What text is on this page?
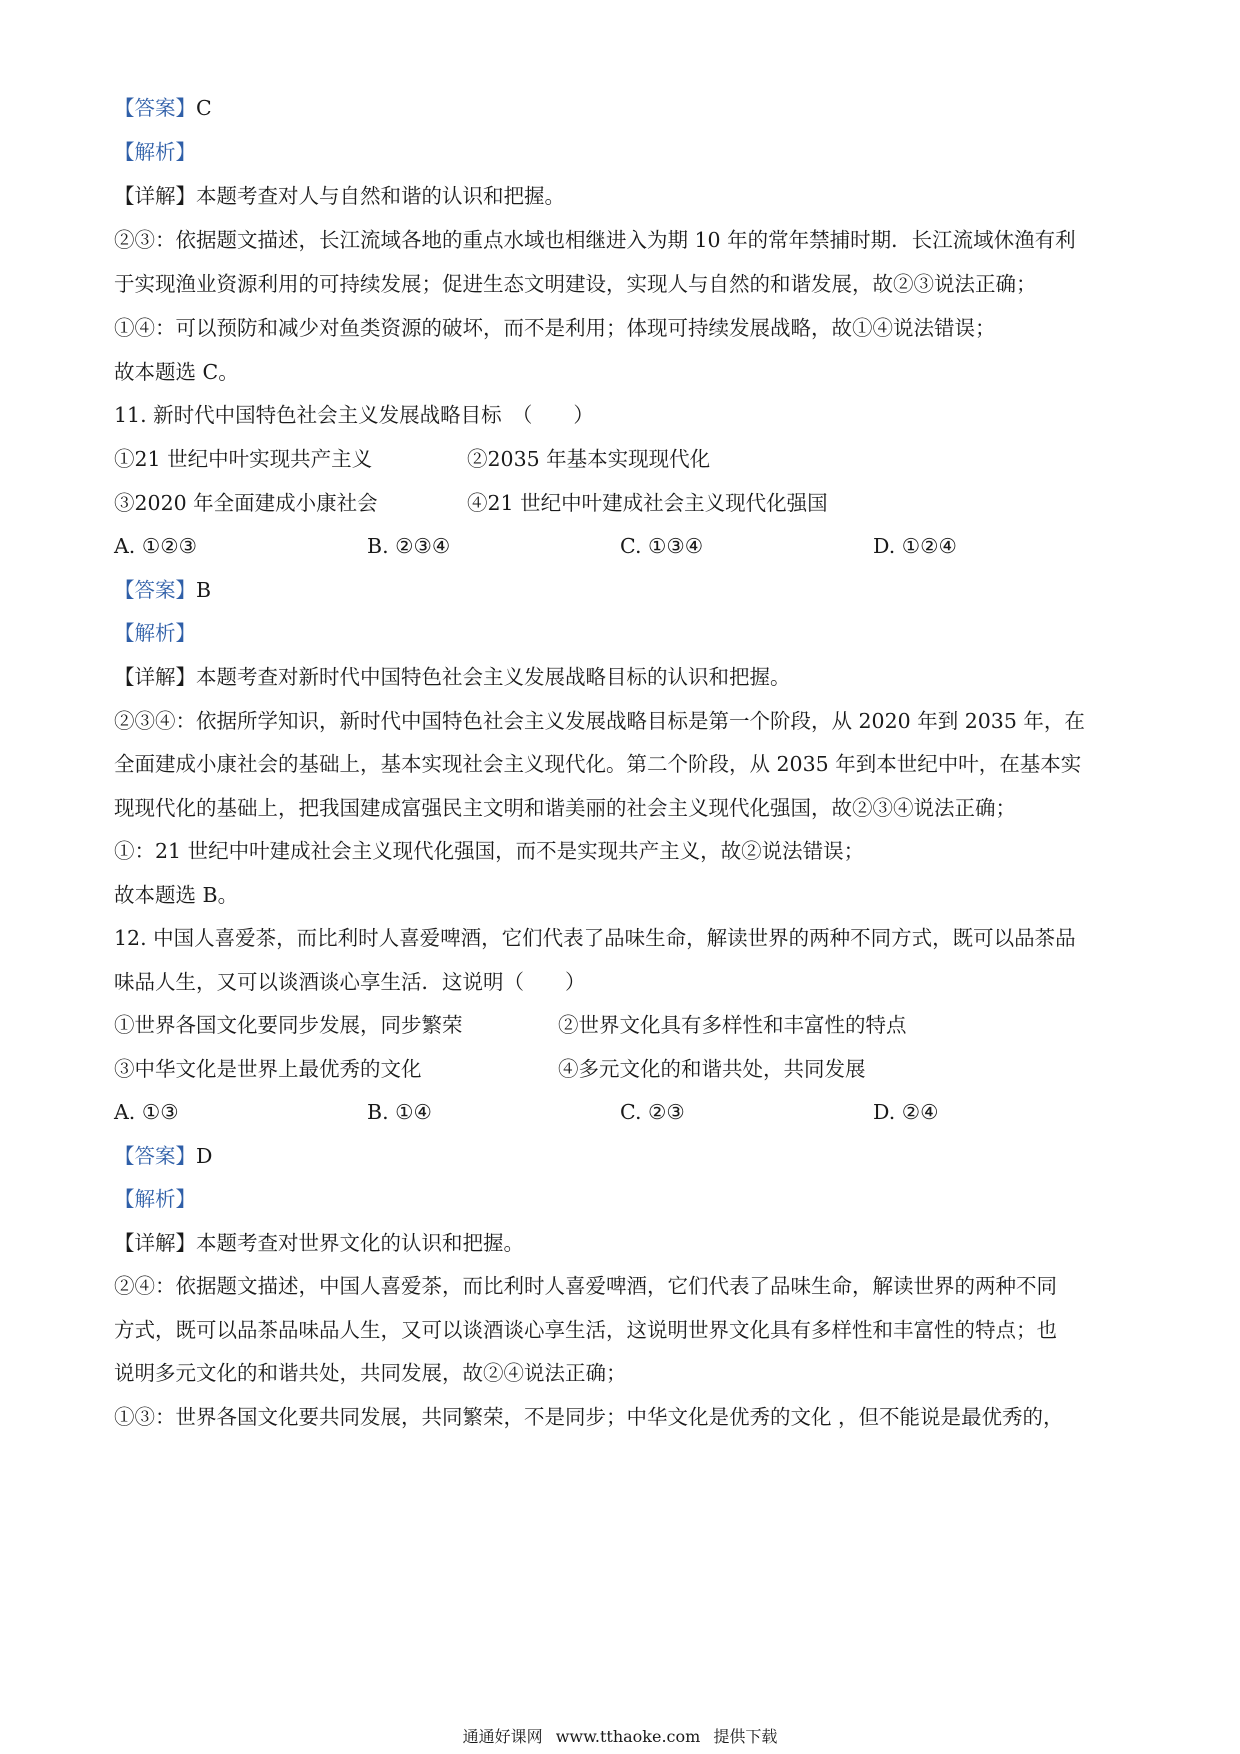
【答案】C
【解析】
【详解】本题考查对人与自然和谐的认识和把握。
②③：依据题文描述，长江流域各地的重点水域也相继进入为期 10 年的常年禁捕时期．长江流域休渔有利
于实现渔业资源利用的可持续发展；促进生态文明建设，实现人与自然的和谐发展，故②③说法正确；
①④：可以预防和减少对鱼类资源的破坏，而不是利用；体现可持续发展战略，故①④说法错误；
故本题选 C。
11. 新时代中国特色社会主义发展战略目标　（　　）
①21 世纪中叶实现共产主义	②2035 年基本实现现代化
③2020 年全面建成小康社会	④21 世纪中叶建成社会主义现代化强国
A. ①②③	B. ②③④	C. ①③④	D. ①②④
【答案】B
【解析】
【详解】本题考查对新时代中国特色社会主义发展战略目标的认识和把握。
②③④：依据所学知识，新时代中国特色社会主义发展战略目标是第一个阶段，从 2020 年到 2035 年，在
全面建成小康社会的基础上，基本实现社会主义现代化。第二个阶段，从 2035 年到本世纪中叶，在基本实
现现代化的基础上，把我国建成富强民主文明和谐美丽的社会主义现代化强国，故②③④说法正确；
①：21 世纪中叶建成社会主义现代化强国，而不是实现共产主义，故②说法错误；
故本题选 B。
12. 中国人喜爱茶，而比利时人喜爱啤酒，它们代表了品味生命，解读世界的两种不同方式，既可以品茶品
味品人生，又可以谈酒谈心享生活．这说明（　　）
①世界各国文化要同步发展，同步繁荣	②世界文化具有多样性和丰富性的特点
③中华文化是世界上最优秀的文化	④多元文化的和谐共处，共同发展
A. ①③	B. ①④	C. ②③	D. ②④
【答案】D
【解析】
【详解】本题考查对世界文化的认识和把握。
②④：依据题文描述，中国人喜爱茶，而比利时人喜爱啤酒，它们代表了品味生命，解读世界的两种不同
方式，既可以品茶品味品人生，又可以谈酒谈心享生活，这说明世界文化具有多样性和丰富性的特点；也
说明多元文化的和谐共处，共同发展，故②④说法正确；
①③：世界各国文化要共同发展，共同繁荣，不是同步；中华文化是优秀的文化 ，但不能说是最优秀的，
通通好课网 www.tthaoke.com 提供下载
